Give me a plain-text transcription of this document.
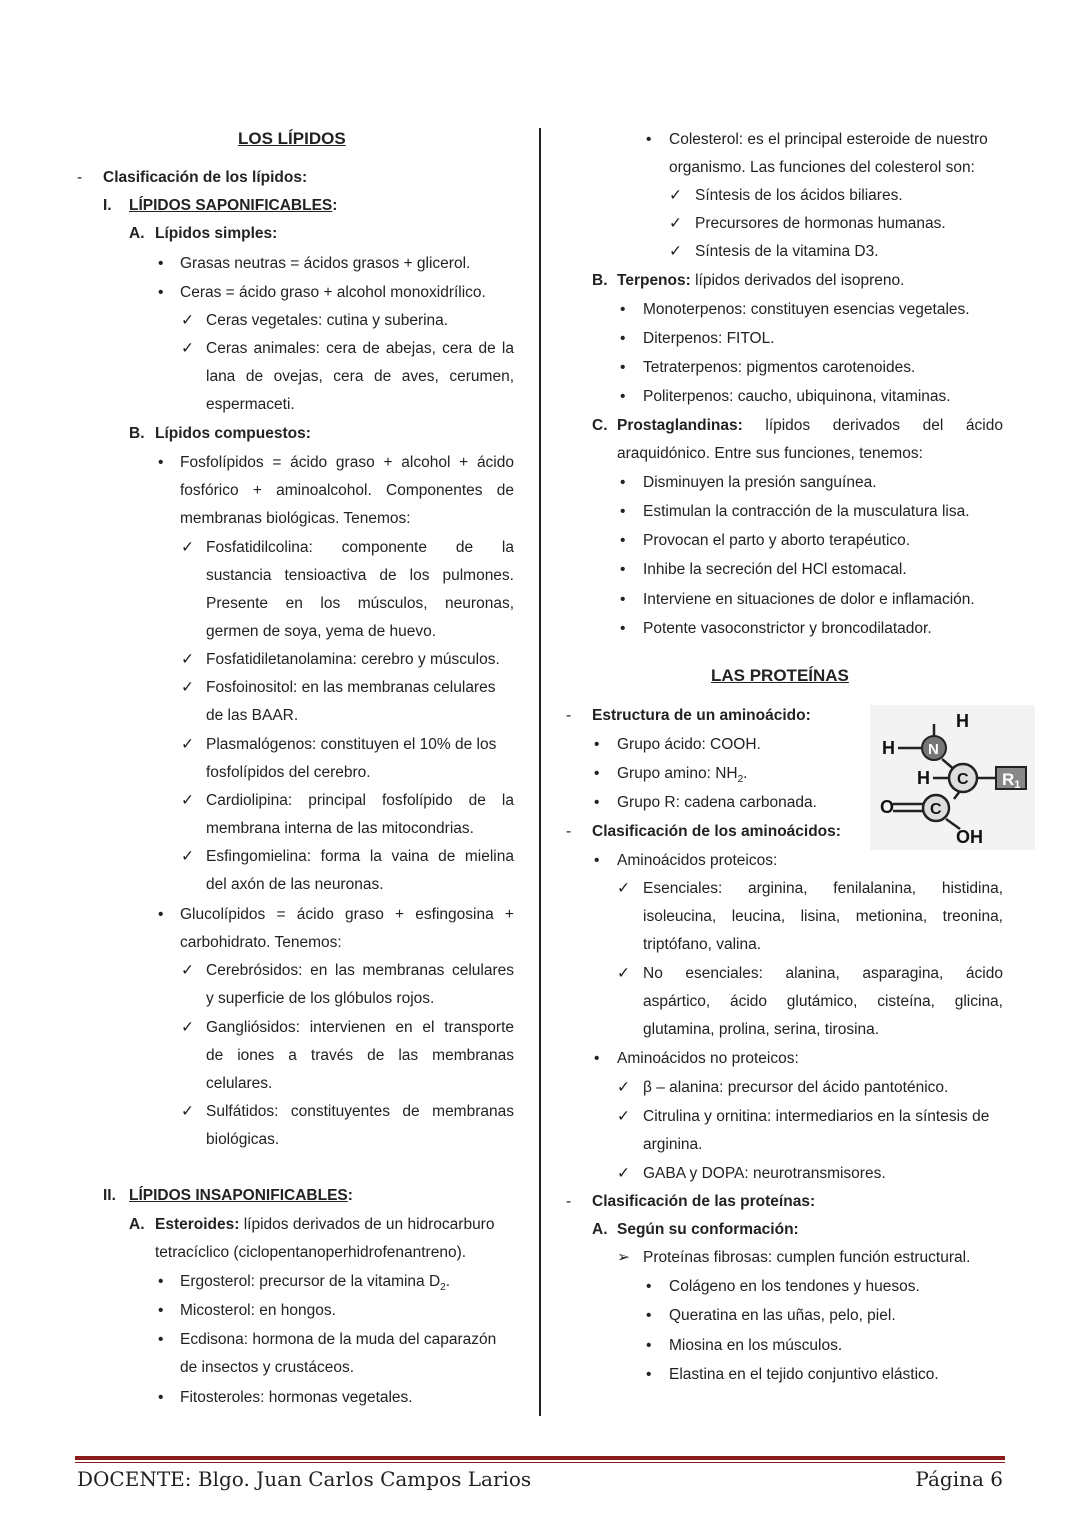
LOS LÍPIDOS
-
Clasificación de los lípidos:
I. LÍPIDOS SAPONIFICABLES:
A. Lípidos simples:
•
Grasas neutras = ácidos grasos + glicerol.
•
Ceras = ácido graso + alcohol monoxidrílico.
✓
Ceras vegetales: cutina y suberina.
✓
Ceras animales: cera de abejas, cera de la
lana de ovejas, cera de aves, cerumen,
espermaceti.
B. Lípidos compuestos:
•
Fosfolípidos = ácido graso + alcohol + ácido
fosfórico + aminoalcohol. Componentes de
membranas biológicas. Tenemos:
✓
Fosfatidilcolina: componente de la
sustancia tensioactiva de los pulmones.
Presente en los músculos, neuronas,
germen de soya, yema de huevo.
✓
Fosfatidiletanolamina: cerebro y músculos.
✓
Fosfoinositol: en las membranas celulares
de las BAAR.
✓
Plasmalógenos: constituyen el 10% de los
fosfolípidos del cerebro.
✓
Cardiolipina: principal fosfolípido de la
membrana interna de las mitocondrias.
✓
Esfingomielina: forma la vaina de mielina
del axón de las neuronas.
•
Glucolípidos = ácido graso + esfingosina +
carbohidrato. Tenemos:
✓
Cerebrósidos: en las membranas celulares
y superficie de los glóbulos rojos.
✓
Gangliósidos: intervienen en el transporte
de iones a través de las membranas
celulares.
✓
Sulfátidos: constituyentes de membranas
biológicas.
II. LÍPIDOS INSAPONIFICABLES:
A. Esteroides: lípidos derivados de un hidrocarburo
tetracíclico (ciclopentanoperhidrofenantreno).
•
Ergosterol: precursor de la vitamina $D_2$.
•
Micosterol: en hongos.
•
Ecdisona: hormona de la muda del caparazón
de insectos y crustáceos.
•
Fitosteroles: hormonas vegetales.
•
Colesterol: es el principal esteroide de nuestro
organismo. Las funciones del colesterol son:
✓
Síntesis de los ácidos biliares.
✓
Precursores de hormonas humanas.
✓
Síntesis de la vitamina D3.
B. Terpenos: lípidos derivados del isopreno.
•
Monoterpenos: constituyen esencias vegetales.
•
Diterpenos: FITOL.
•
Tetraterpenos: pigmentos carotenoides.
•
Politerpenos: caucho, ubiquinona, vitaminas.
C. Prostaglandinas: lípidos derivados del ácido
araquidónico. Entre sus funciones, tenemos:
•
Disminuyen la presión sanguínea.
•
Estimulan la contracción de la musculatura lisa.
•
Provocan el parto y aborto terapéutico.
•
Inhibe la secreción del HCl estomacal.
•
Interviene en situaciones de dolor e inflamación.
•
Potente vasoconstrictor y broncodilatador.
LAS PROTEÍNAS
-
Estructura de un aminoácido:
•
Grupo ácido: COOH.
•
Grupo amino: $NH_2$.
•
Grupo R: cadena carbonada.
H
H N
H C R1
O C
OH
-
Clasificación de los aminoácidos:
•
Aminoácidos proteicos:
✓
Esenciales: arginina, fenilalanina, histidina,
isoleucina, leucina, lisina, metionina, treonina,
triptófano, valina.
✓
No esenciales: alanina, asparagina, ácido
aspártico, ácido glutámico, cisteína, glicina,
glutamina, prolina, serina, tirosina.
•
Aminoácidos no proteicos:
✓
β – alanina: precursor del ácido pantoténico.
✓
Citrulina y ornitina: intermediarios en la síntesis de
arginina.
✓
GABA y DOPA: neurotransmisores.
-
Clasificación de las proteínas:
A. Según su conformación:
➢
Proteínas fibrosas: cumplen función estructural.
•
Colágeno en los tendones y huesos.
•
Queratina en las uñas, pelo, piel.
•
Miosina en los músculos.
•
Elastina en el tejido conjuntivo elástico.
DOCENTE: Blgo. Juan Carlos Campos Larios	Página 6
